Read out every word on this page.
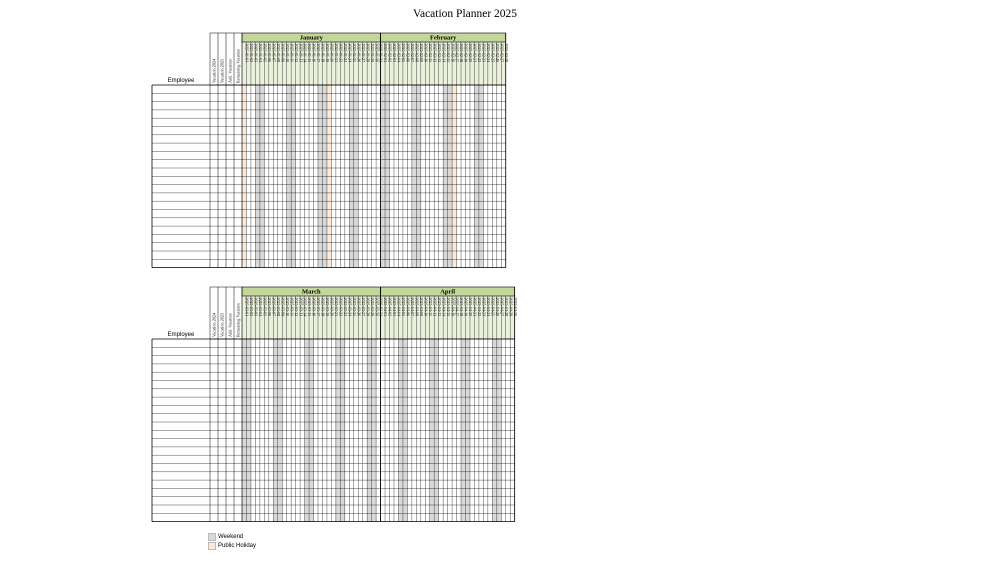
Vacation Planner 2025
January	February
2025-01-01 2025-01-02 2025-01-03 2025-01-04 2025-01-05 2025-01-06 2025-01-07 2025-01-08 2025-01-09 2025-01-10 2025-01-11 2025-01-12 2025-01-13 2025-01-14 2025-01-15 2025-01-16 2025-01-17 2025-01-18 2025-01-19 2025-01-20 2025-01-21 2025-01-22 2025-01-23 2025-01-24 2025-01-25 2025-01-26 2025-01-27 2025-01-28 2025-01-29 2025-01-30 2025-01-31 2025-02-01 2025-02-02 2025-02-03 2025-02-04 2025-02-05 2025-02-06 2025-02-07 2025-02-08 2025-02-09 2025-02-10 2025-02-11 2025-02-12 2025-02-13 2025-02-14 2025-02-15 2025-02-16 2025-02-17 2025-02-18 2025-02-19 2025-02-20 2025-02-21 2025-02-22 2025-02-23 2025-02-24 2025-02-25 2025-02-26 2025-02-27 2025-02-28
Vacation 2024 Vacation 2025 Add. Vacation Remaining Vacation
Employee
March	April
2025-03-01 2025-03-02 2025-03-03 2025-03-04 2025-03-05 2025-03-06 2025-03-07 2025-03-08 2025-03-09 2025-03-10 2025-03-11 2025-03-12 2025-03-13 2025-03-14 2025-03-15 2025-03-16 2025-03-17 2025-03-18 2025-03-19 2025-03-20 2025-03-21 2025-03-22 2025-03-23 2025-03-24 2025-03-25 2025-03-26 2025-03-27 2025-03-28 2025-03-29 2025-03-30 2025-03-31 2025-04-01 2025-04-02 2025-04-03 2025-04-04 2025-04-05 2025-04-06 2025-04-07 2025-04-08 2025-04-09 2025-04-10 2025-04-11 2025-04-12 2025-04-13 2025-04-14 2025-04-15 2025-04-16 2025-04-17 2025-04-18 2025-04-19 2025-04-20 2025-04-21 2025-04-22 2025-04-23 2025-04-24 2025-04-25 2025-04-26 2025-04-27 2025-04-28 2025-04-29 2025-04-30
Vacation 2024 Vacation 2025 Add. Vacation Remaining Vacation
Employee
Weekend
Public Holiday
